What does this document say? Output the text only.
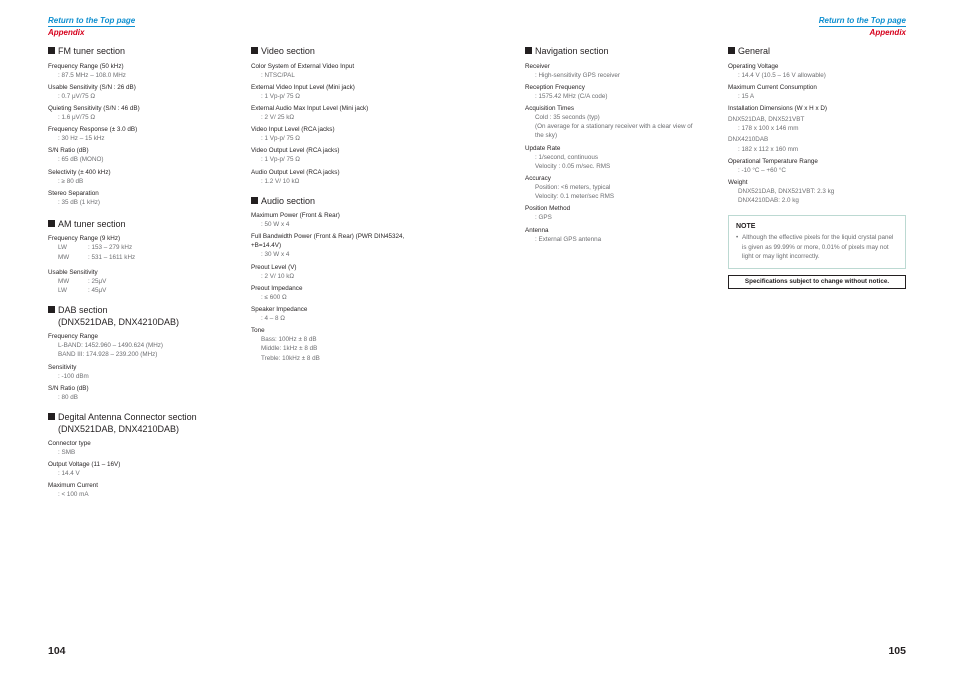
Return to the Top page
Appendix
Return to the Top page
Appendix
FM tuner section
Frequency Range (50 kHz)
: 87.5 MHz – 108.0 MHz
Usable Sensitivity (S/N : 26 dB)
: 0.7 μV/75 Ω
Quieting Sensitivity (S/N : 46 dB)
: 1.6 μV/75 Ω
Frequency Response (± 3.0 dB)
: 30 Hz – 15 kHz
S/N Ratio (dB)
: 65 dB (MONO)
Selectivity (± 400 kHz)
: ≥ 80 dB
Stereo Separation
: 35 dB (1 kHz)
AM tuner section
Frequency Range (9 kHz)
LW	: 153 – 279 kHz
MW	: 531 – 1611 kHz
Usable Sensitivity
MW	: 25μV
LW	: 45μV
DAB section
(DNX521DAB, DNX4210DAB)
Frequency Range
L-BAND: 1452.960 – 1490.624 (MHz)
BAND III: 174.928 – 239.200 (MHz)
Sensitivity
: -100 dBm
S/N Ratio (dB)
: 80 dB
Degital Antenna Connector section
(DNX521DAB, DNX4210DAB)
Connector type
: SMB
Output Voltage (11 – 16V)
: 14.4 V
Maximum Current
: < 100 mA
Video section
Color System of External Video Input
: NTSC/PAL
External Video Input Level (Mini jack)
: 1 Vp-p/ 75 Ω
External Audio Max Input Level (Mini jack)
: 2 V/ 25 kΩ
Video Input Level (RCA jacks)
: 1 Vp-p/ 75 Ω
Video Output Level (RCA jacks)
: 1 Vp-p/ 75 Ω
Audio Output Level (RCA jacks)
: 1.2 V/ 10 kΩ
Audio section
Maximum Power (Front & Rear)
: 50 W x 4
Full Bandwidth Power (Front & Rear) (PWR DIN45324, +B=14.4V)
: 30 W x 4
Preout Level (V)
: 2 V/ 10 kΩ
Preout Impedance
: ≤ 600 Ω
Speaker Impedance
: 4 – 8 Ω
Tone
Bass: 100Hz ± 8 dB
Middle: 1kHz ± 8 dB
Treble: 10kHz ± 8 dB
Navigation section
Receiver
: High-sensitivity GPS receiver
Reception Frequency
: 1575.42 MHz (C/A code)
Acquisition Times
Cold : 35 seconds (typ)
(On average for a stationary receiver with a clear view of the sky)
Update Rate
: 1/second, continuous
Velocity : 0.05 m/sec. RMS
Accuracy
Position: <6 meters, typical
Velocity: 0.1 meter/sec RMS
Position Method
: GPS
Antenna
: External GPS antenna
General
Operating Voltage
: 14.4 V (10.5 – 16 V allowable)
Maximum Current Consumption
: 15 A
Installation Dimensions (W x H x D)
DNX521DAB, DNX521VBT
: 178 x 100 x 146 mm
DNX4210DAB
: 182 x 112 x 160 mm
Operational Temperature Range
: -10 °C – +60 °C
Weight
DNX521DAB, DNX521VBT: 2.3 kg
DNX4210DAB: 2.0 kg
NOTE
• Although the effective pixels for the liquid crystal panel is given as 99.99% or more, 0.01% of pixels may not light or may light incorrectly.
Specifications subject to change without notice.
104	105
